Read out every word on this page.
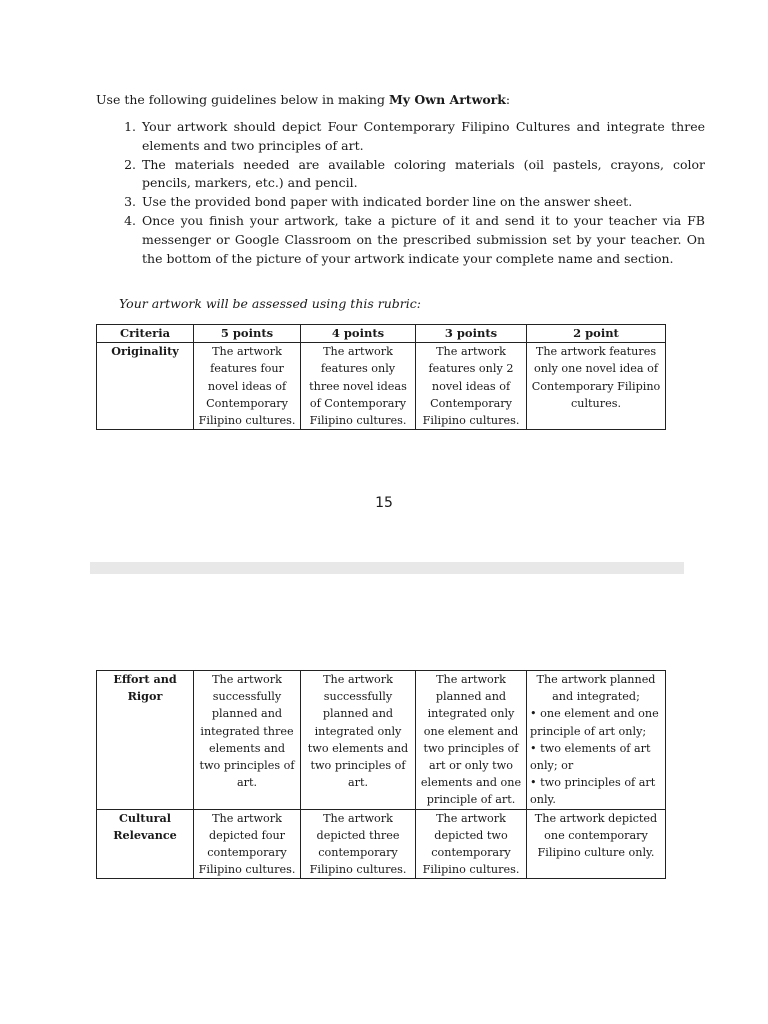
Use the following guidelines below in making My Own Artwork:
1. Your artwork should depict Four Contemporary Filipino Cultures and integrate three elements and two principles of art.
2. The materials needed are available coloring materials (oil pastels, crayons, color pencils, markers, etc.) and pencil.
3. Use the provided bond paper with indicated border line on the answer sheet.
4. Once you finish your artwork, take a picture of it and send it to your teacher via FB messenger or Google Classroom on the prescribed submission set by your teacher. On the bottom of the picture of your artwork indicate your complete name and section.
Your artwork will be assessed using this rubric:
Criteria	5 points	4 points	3 points	2 point
Originality	The artwork features four novel ideas of Contemporary Filipino cultures.	The artwork features only three novel ideas of Contemporary Filipino cultures.	The artwork features only 2 novel ideas of Contemporary Filipino cultures.	The artwork features only one novel idea of Contemporary Filipino cultures.
15
Effort and Rigor	The artwork successfully planned and integrated three elements and two principles of art.	The artwork successfully planned and integrated only two elements and two principles of art.	The artwork planned and integrated only one element and two principles of art or only two elements and one principle of art.	The artwork planned and integrated;
• one element and one principle of art only;
• two elements of art only; or
• two principles of art only.

Cultural Relevance	The artwork depicted four contemporary Filipino cultures.	The artwork depicted three contemporary Filipino cultures.	The artwork depicted two contemporary Filipino cultures.	The artwork depicted one contemporary Filipino culture only.
